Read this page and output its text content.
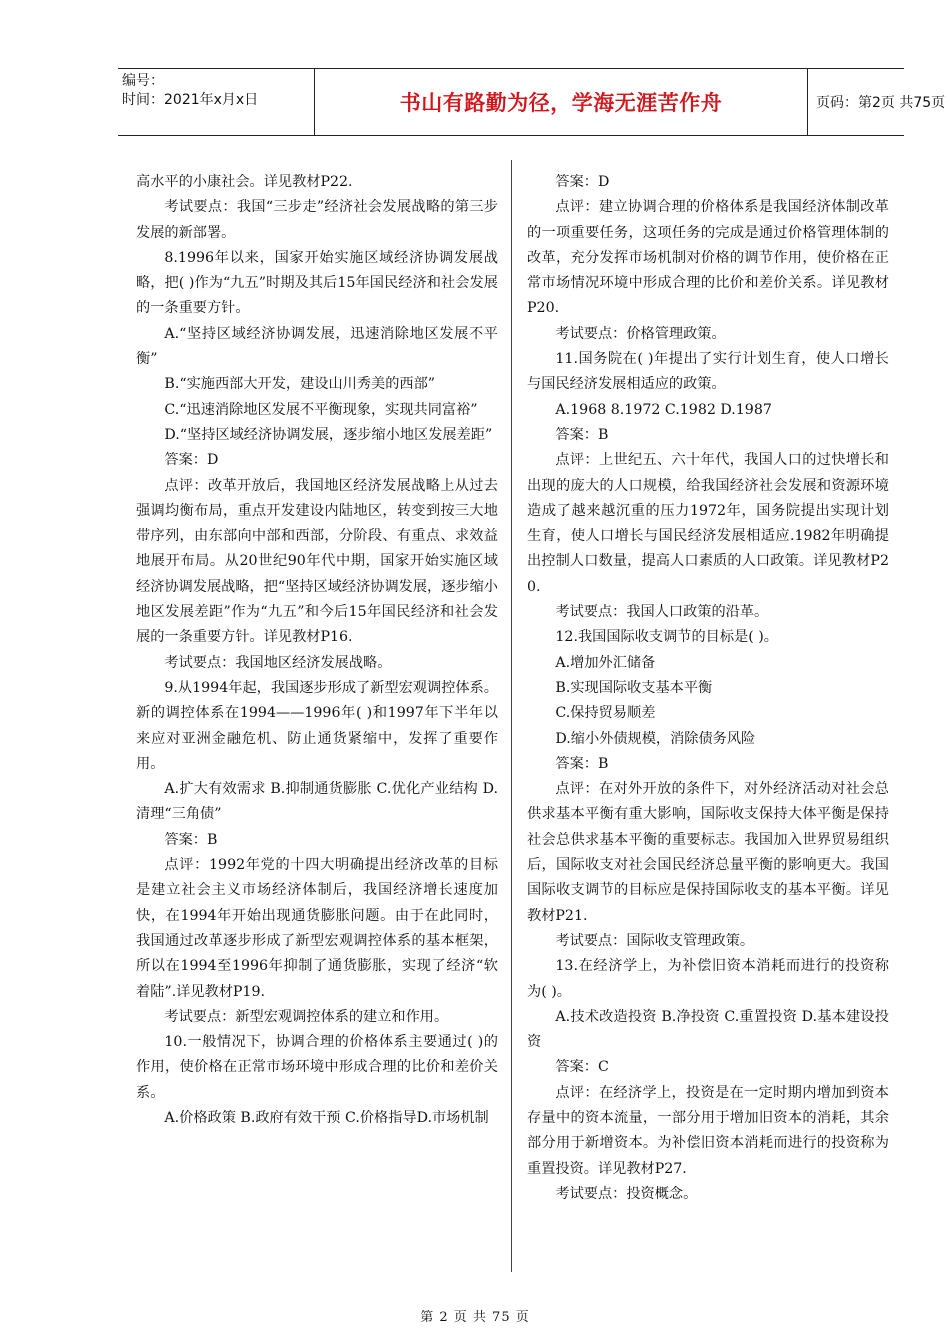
编号：
时间：2021年x月x日	书山有路勤为径，学海无涯苦作舟	页码：第2页 共75页

高水平的小康社会。详见教材P22.

考试要点：我国“三步走”经济社会发展战略的第三步发展的新部署。

8.1996年以来，国家开始实施区域经济协调发展战略，把( )作为“九五”时期及其后15年国民经济和社会发展的一条重要方针。

A.“坚持区域经济协调发展，迅速消除地区发展不平衡”

B.“实施西部大开发，建设山川秀美的西部”

C.“迅速消除地区发展不平衡现象，实现共同富裕”

D.“坚持区域经济协调发展，逐步缩小地区发展差距”

答案：D

点评：改革开放后，我国地区经济发展战略上从过去强调均衡布局，重点开发建设内陆地区，转变到按三大地带序列，由东部向中部和西部，分阶段、有重点、求效益地展开布局。从20世纪90年代中期，国家开始实施区域经济协调发展战略，把“坚持区域经济协调发展，逐步缩小地区发展差距”作为“九五”和今后15年国民经济和社会发展的一条重要方针。详见教材P16.

考试要点：我国地区经济发展战略。

9.从1994年起，我国逐步形成了新型宏观调控体系。新的调控体系在1994——1996年( )和1997年下半年以来应对亚洲金融危机、防止通货紧缩中，发挥了重要作用。

A.扩大有效需求 B.抑制通货膨胀 C.优化产业结构 D.清理“三角债”

答案：B

点评：1992年党的十四大明确提出经济改革的目标是建立社会主义市场经济体制后，我国经济增长速度加快，在1994年开始出现通货膨胀问题。由于在此同时，我国通过改革逐步形成了新型宏观调控体系的基本框架，所以在1994至1996年抑制了通货膨胀，实现了经济“软着陆”.详见教材P19.

考试要点：新型宏观调控体系的建立和作用。

10.一般情况下，协调合理的价格体系主要通过( )的作用，使价格在正常市场环境中形成合理的比价和差价关系。

A.价格政策 B.政府有效干预 C.价格指导D.市场机制

答案：D

点评：建立协调合理的价格体系是我国经济体制改革的一项重要任务，这项任务的完成是通过价格管理体制的改革，充分发挥市场机制对价格的调节作用，使价格在正常市场情况环境中形成合理的比价和差价关系。详见教材P20.

考试要点：价格管理政策。

11.国务院在( )年提出了实行计划生育，使人口增长与国民经济发展相适应的政策。

A.1968 8.1972 C.1982 D.1987

答案：B

点评：上世纪五、六十年代，我国人口的过快增长和出现的庞大的人口规模，给我国经济社会发展和资源环境造成了越来越沉重的压力1972年，国务院提出实现计划生育，使人口增长与国民经济发展相适应.1982年明确提出控制人口数量，提高人口素质的人口政策。详见教材P20.

考试要点：我国人口政策的沿革。

12.我国国际收支调节的目标是( )。

A.增加外汇储备

B.实现国际收支基本平衡

C.保持贸易顺差

D.缩小外债规模，消除债务风险

答案：B

点评：在对外开放的条件下，对外经济活动对社会总供求基本平衡有重大影响，国际收支保持大体平衡是保持社会总供求基本平衡的重要标志。我国加入世界贸易组织后，国际收支对社会国民经济总量平衡的影响更大。我国国际收支调节的目标应是保持国际收支的基本平衡。详见教材P21.

考试要点：国际收支管理政策。

13.在经济学上，为补偿旧资本消耗而进行的投资称为( )。

A.技术改造投资 B.净投资 C.重置投资 D.基本建设投资

答案：C

点评：在经济学上，投资是在一定时期内增加到资本存量中的资本流量，一部分用于增加旧资本的消耗，其余部分用于新增资本。为补偿旧资本消耗而进行的投资称为重置投资。详见教材P27.

考试要点：投资概念。

第 2 页 共 75 页
